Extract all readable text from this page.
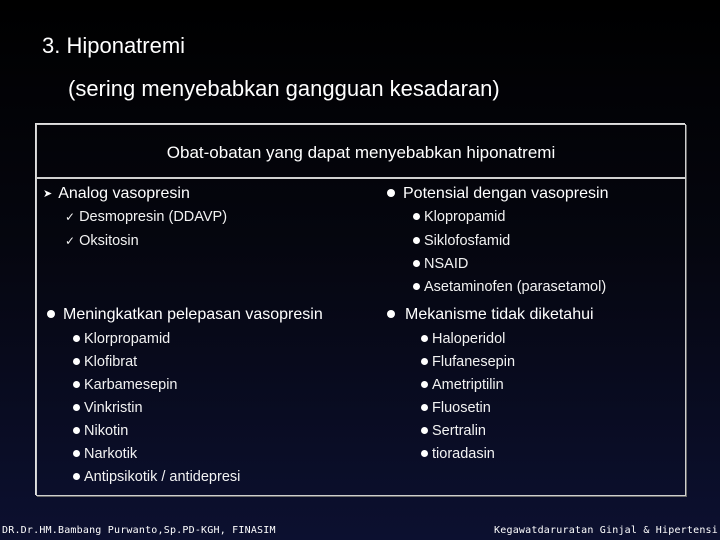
3. Hiponatremi
(sering menyebabkan gangguan kesadaran)
Obat-obatan yang dapat menyebabkan hiponatremi
➤ Analog vasopresin
✓ Desmopresin (DDAVP)
✓ Oksitosin
Potensial dengan vasopresin
Klopropamid
Siklofosfamid
NSAID
Asetaminofen (parasetamol)
Meningkatkan pelepasan vasopresin
Klorpropamid
Klofibrat
Karbamesepin
Vinkristin
Nikotin
Narkotik
Antipsikotik / antidepresi
Mekanisme tidak diketahui
Haloperidol
Flufanesepin
Ametriptilin
Fluosetin
Sertralin
tioradasin
DR.Dr.HM.Bambang Purwanto,Sp.PD-KGH, FINASIM	Kegawatdaruratan Ginjal & Hipertensi
